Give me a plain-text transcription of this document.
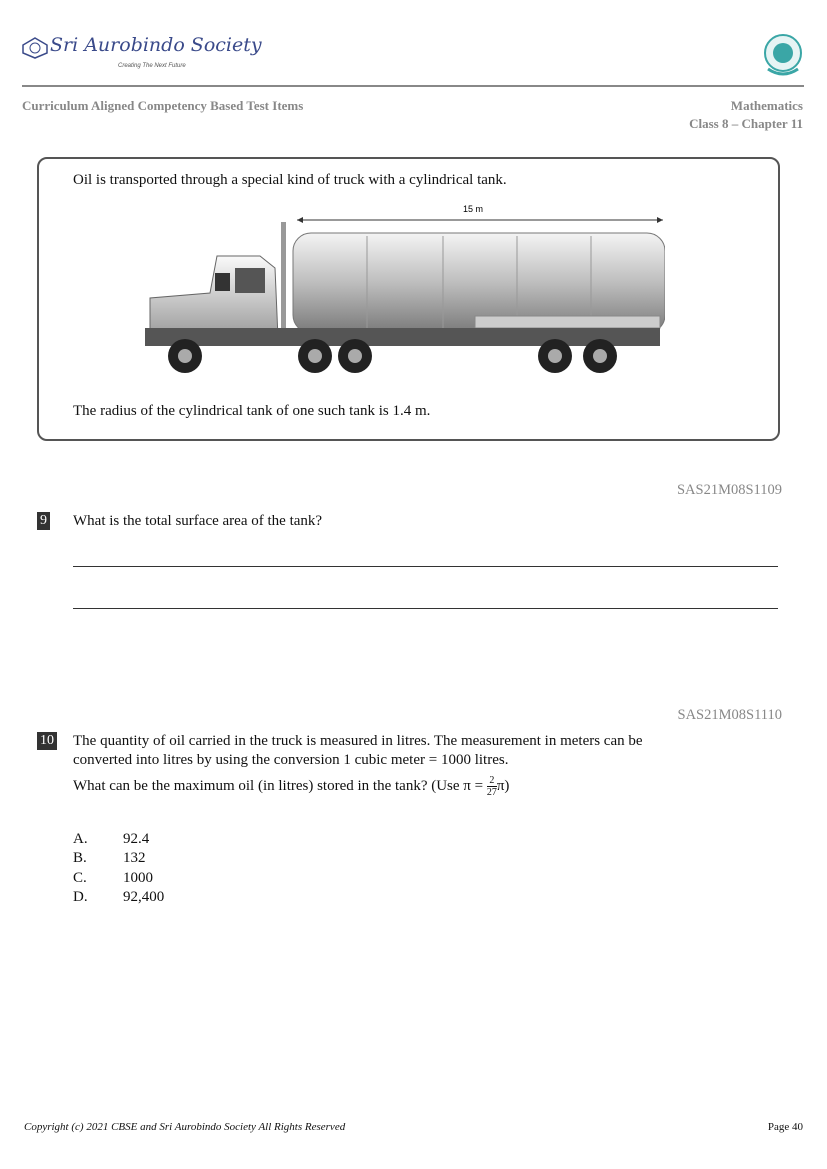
Sri Aurobindo Society
Creating The Next Future
Curriculum Aligned Competency Based Test Items	Mathematics
Class 8 – Chapter 11
Oil is transported through a special kind of truck with a cylindrical tank.
15 m
The radius of the cylindrical tank of one such tank is 1.4 m.
SAS21M08S1109
9 What is the total surface area of the tank?
SAS21M08S1110
10 The quantity of oil carried in the truck is measured in litres. The measurement in meters can be
converted into litres by using the conversion 1 cubic meter = 1000 litres.
What can be the maximum oil (in litres) stored in the tank? (Use $\pi = \frac{2}{27}\pi$)
A. 92.4
B. 132
C. 1000
D. 92,400
Copyright (c) 2021 CBSE and Sri Aurobindo Society All Rights Reserved	Page 40
